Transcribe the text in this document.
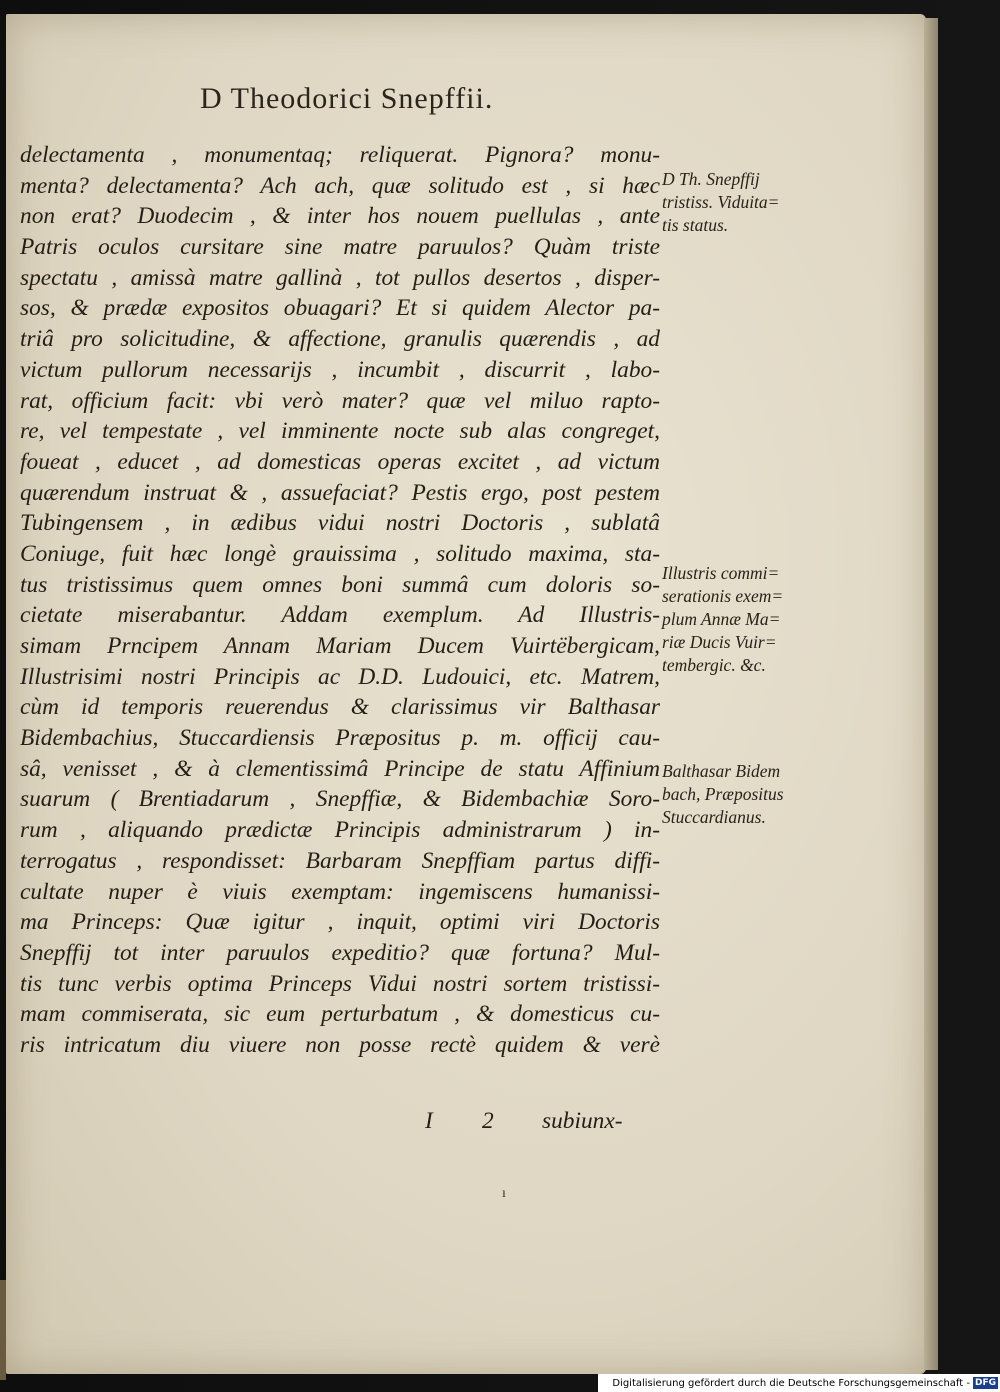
D Theodorici Snepffii.
delectamenta , monumentaq; reliquerat. Pignora? monu-
menta? delectamenta? Ach ach, quæ solitudo est , si hæc
non erat? Duodecim , & inter hos nouem puellulas , ante
Patris oculos cursitare sine matre paruulos? Quàm triste
spectatu , amissà matre gallinà , tot pullos desertos , disper-
sos, & prædæ expositos obuagari? Et si quidem Alector pa-
triâ pro solicitudine, & affectione, granulis quærendis , ad
victum pullorum necessarijs , incumbit , discurrit , labo-
rat, officium facit: vbi verò mater? quæ vel miluo rapto-
re, vel tempestate , vel imminente nocte sub alas congreget,
foueat , educet , ad domesticas operas excitet , ad victum
quærendum instruat & , assuefaciat? Pestis ergo, post pestem
Tubingensem , in ædibus vidui nostri Doctoris , sublatâ
Coniuge, fuit hæc longè grauissima , solitudo maxima, sta-
tus tristissimus quem omnes boni summâ cum doloris so-
cietate miserabantur. Addam exemplum. Ad Illustris-
simam Prncipem Annam Mariam Ducem Vuirtëbergicam,
Illustrisimi nostri Principis ac D.D. Ludouici, etc. Matrem,
cùm id temporis reuerendus & clarissimus vir Balthasar
Bidembachius, Stuccardiensis Præpositus p. m. officij cau-
sâ, venisset , & à clementissimâ Principe de statu Affinium
suarum ( Brentiadarum , Snepffiæ, & Bidembachiæ Soro-
rum , aliquando prædictæ Principis administrarum ) in-
terrogatus , respondisset: Barbaram Snepffiam partus diffi-
cultate nuper è viuis exemptam: ingemiscens humanissi-
ma Princeps: Quæ igitur , inquit, optimi viri Doctoris
Snepffij tot inter paruulos expeditio? quæ fortuna? Mul-
tis tunc verbis optima Princeps Vidui nostri sortem tristissi-
mam commiserata, sic eum perturbatum , & domesticus cu-
ris intricatum diu viuere non posse rectè quidem & verè
D Th. Snepffij
tristiss. Viduita=
tis status.
Illustris commi=
serationis exem=
plum Annæ Ma=
riæ Ducis Vuir=
tembergic. &c.
Balthasar Bidem
bach, Præpositus
Stuccardianus.
I 2 subiunx-
ı
Digitalisierung gefördert durch die Deutsche Forschungsgemeinschaft - DFG
